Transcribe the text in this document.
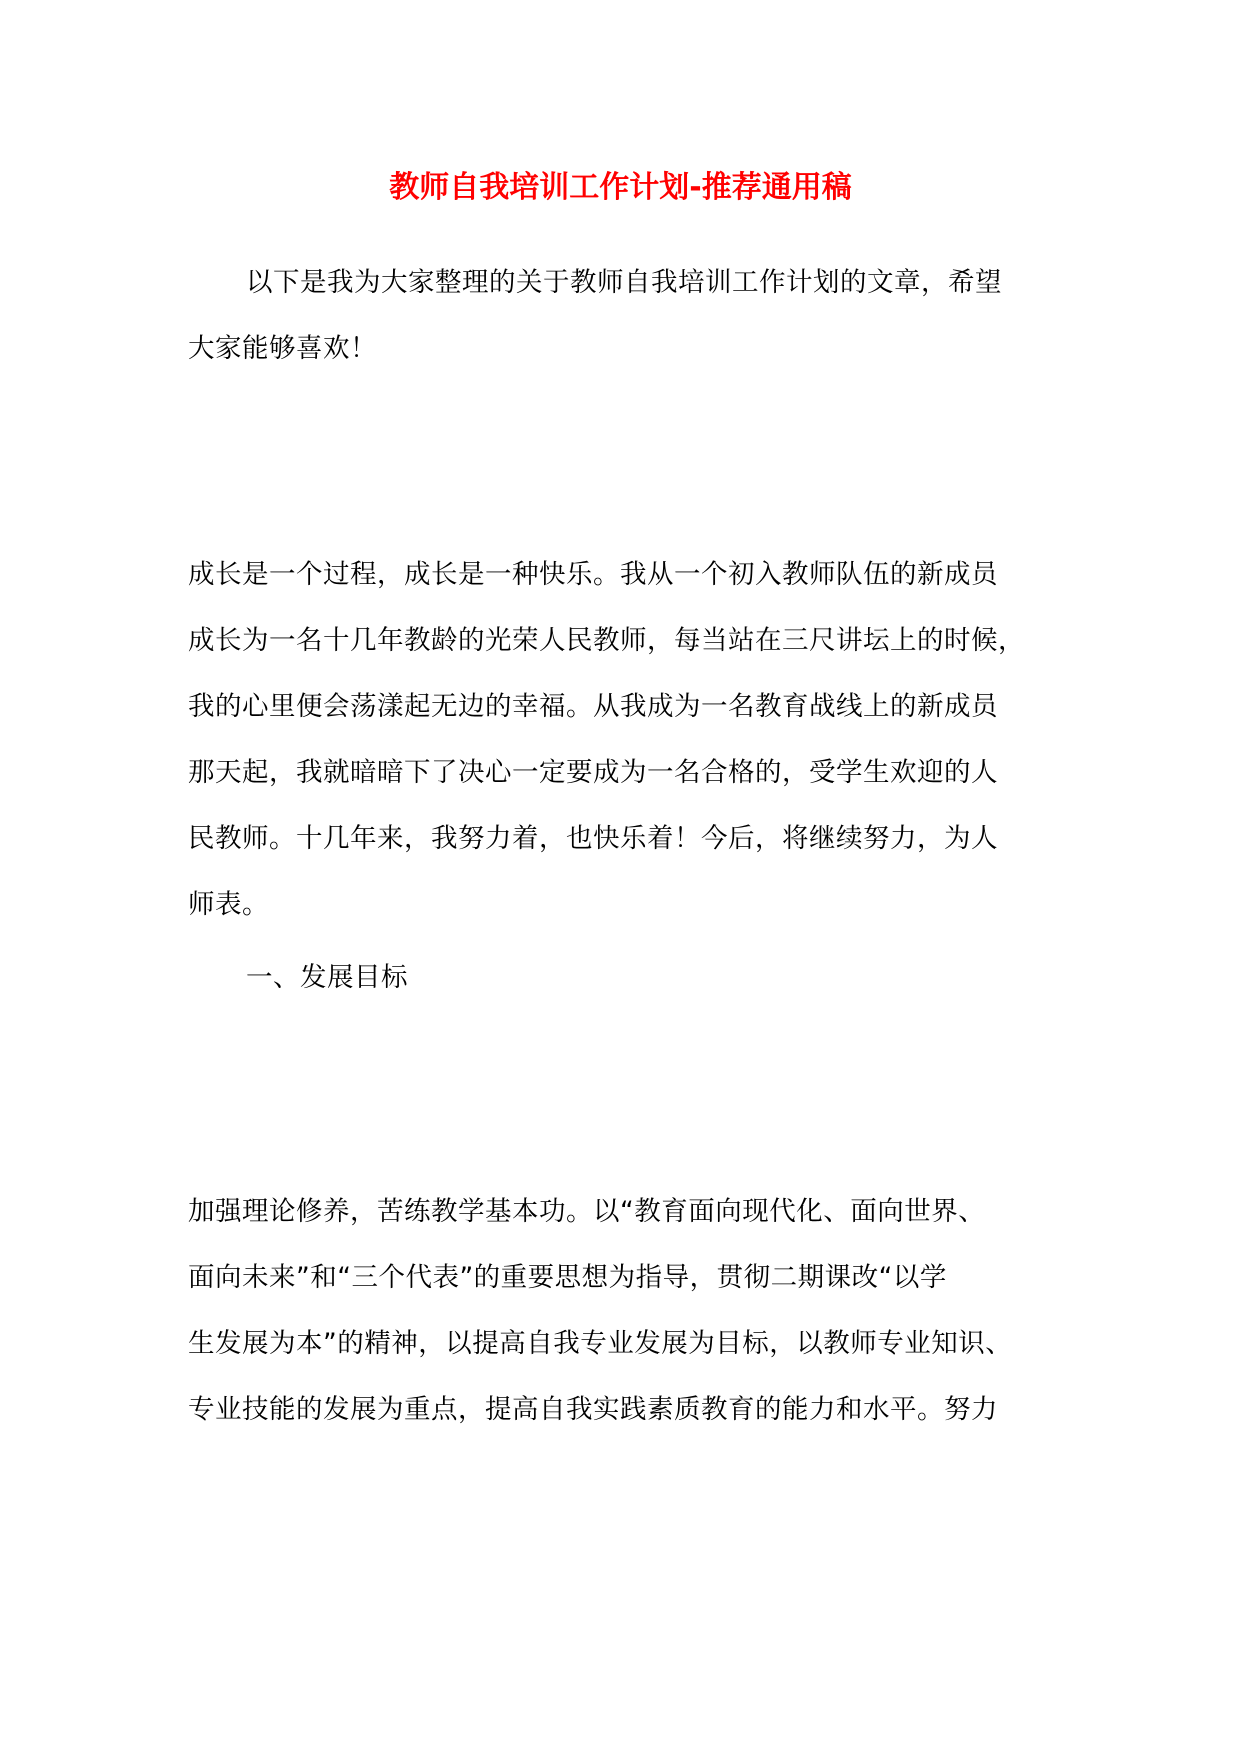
教师自我培训工作计划-推荐通用稿
以下是我为大家整理的关于教师自我培训工作计划的文章，希望
大家能够喜欢！
成长是一个过程，成长是一种快乐。我从一个初入教师队伍的新成员
成长为一名十几年教龄的光荣人民教师，每当站在三尺讲坛上的时候，
我的心里便会荡漾起无边的幸福。从我成为一名教育战线上的新成员
那天起，我就暗暗下了决心一定要成为一名合格的，受学生欢迎的人
民教师。十几年来，我努力着，也快乐着！今后，将继续努力，为人
师表。
一、发展目标
加强理论修养，苦练教学基本功。以“教育面向现代化、面向世界、
面向未来”和“三个代表”的重要思想为指导，贯彻二期课改“以学
生发展为本”的精神，以提高自我专业发展为目标，以教师专业知识、
专业技能的发展为重点，提高自我实践素质教育的能力和水平。努力
